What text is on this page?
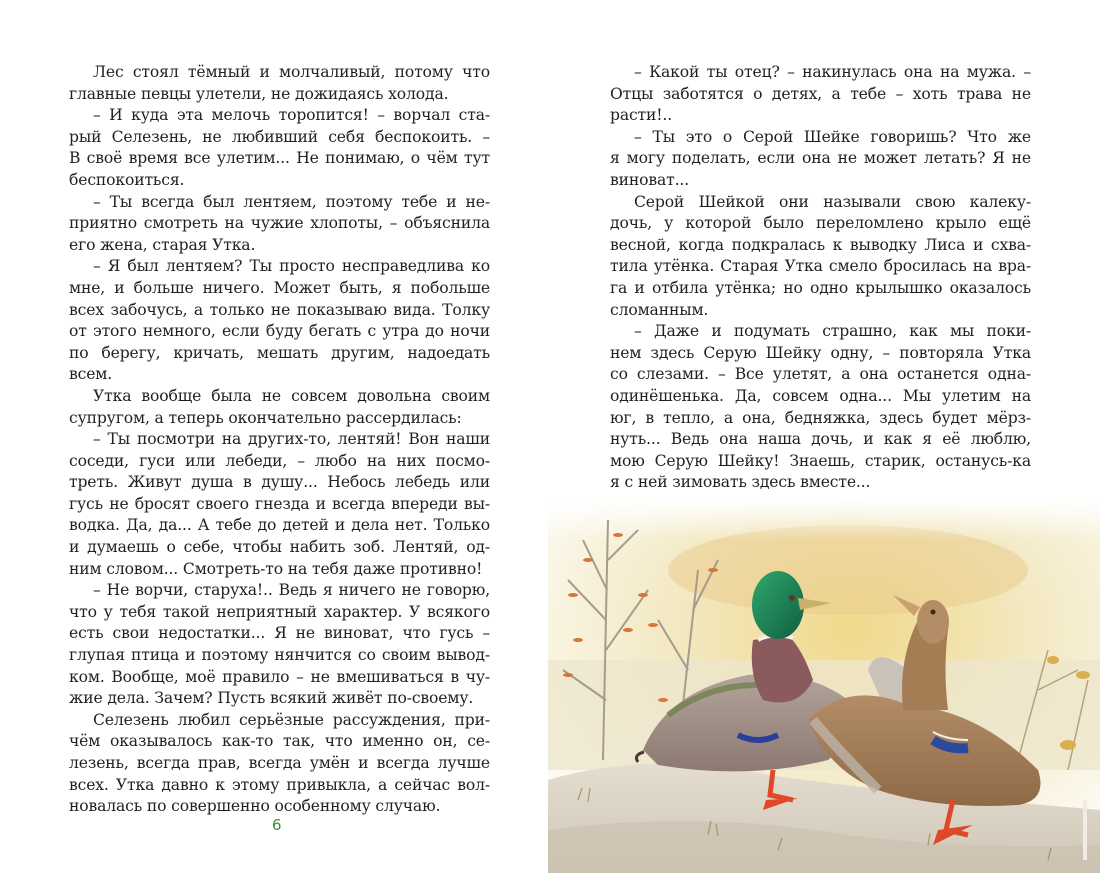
Лес стоял тёмный и молчаливый, потому что
главные певцы улетели, не дожидаясь холода.
– И куда эта мелочь торопится! – ворчал ста-
рый Селезень, не любивший себя беспокоить. –
В своё время все улетим... Не понимаю, о чём тут
беспокоиться.
– Ты всегда был лентяем, поэтому тебе и не-
приятно смотреть на чужие хлопоты, – объяснила
его жена, старая Утка.
– Я был лентяем? Ты просто несправедлива ко
мне, и больше ничего. Может быть, я побольше
всех забочусь, а только не показываю вида. Толку
от этого немного, если буду бегать с утра до ночи
по берегу, кричать, мешать другим, надоедать
всем.
Утка вообще была не совсем довольна своим
супругом, а теперь окончательно рассердилась:
– Ты посмотри на других-то, лентяй! Вон наши
соседи, гуси или лебеди, – любо на них посмо-
треть. Живут душа в душу... Небось лебедь или
гусь не бросят своего гнезда и всегда впереди вы-
водка. Да, да... А тебе до детей и дела нет. Только
и думаешь о себе, чтобы набить зоб. Лентяй, од-
ним словом... Смотреть-то на тебя даже противно!
– Не ворчи, старуха!.. Ведь я ничего не говорю,
что у тебя такой неприятный характер. У всякого
есть свои недостатки... Я не виноват, что гусь –
глупая птица и поэтому нянчится со своим вывод-
ком. Вообще, моё правило – не вмешиваться в чу-
жие дела. Зачем? Пусть всякий живёт по-своему.
Селезень любил серьёзные рассуждения, при-
чём оказывалось как-то так, что именно он, се-
лезень, всегда прав, всегда умён и всегда лучше
всех. Утка давно к этому привыкла, а сейчас вол-
новалась по совершенно особенному случаю.
6
– Какой ты отец? – накинулась она на мужа. –
Отцы заботятся о детях, а тебе – хоть трава не
расти!..
– Ты это о Серой Шейке говоришь? Что же
я могу поделать, если она не может летать? Я не
виноват...
Серой Шейкой они называли свою калеку-
дочь, у которой было переломлено крыло ещё
весной, когда подкралась к выводку Лиса и схва-
тила утёнка. Старая Утка смело бросилась на вра-
га и отбила утёнка; но одно крылышко оказалось
сломанным.
– Даже и подумать страшно, как мы поки-
нем здесь Серую Шейку одну, – повторяла Утка
со слезами. – Все улетят, а она останется одна-
одинёшенька. Да, совсем одна... Мы улетим на
юг, в тепло, а она, бедняжка, здесь будет мёрз-
нуть... Ведь она наша дочь, и как я её люблю,
мою Серую Шейку! Знаешь, старик, останусь-ка
я с ней зимовать здесь вместе...
